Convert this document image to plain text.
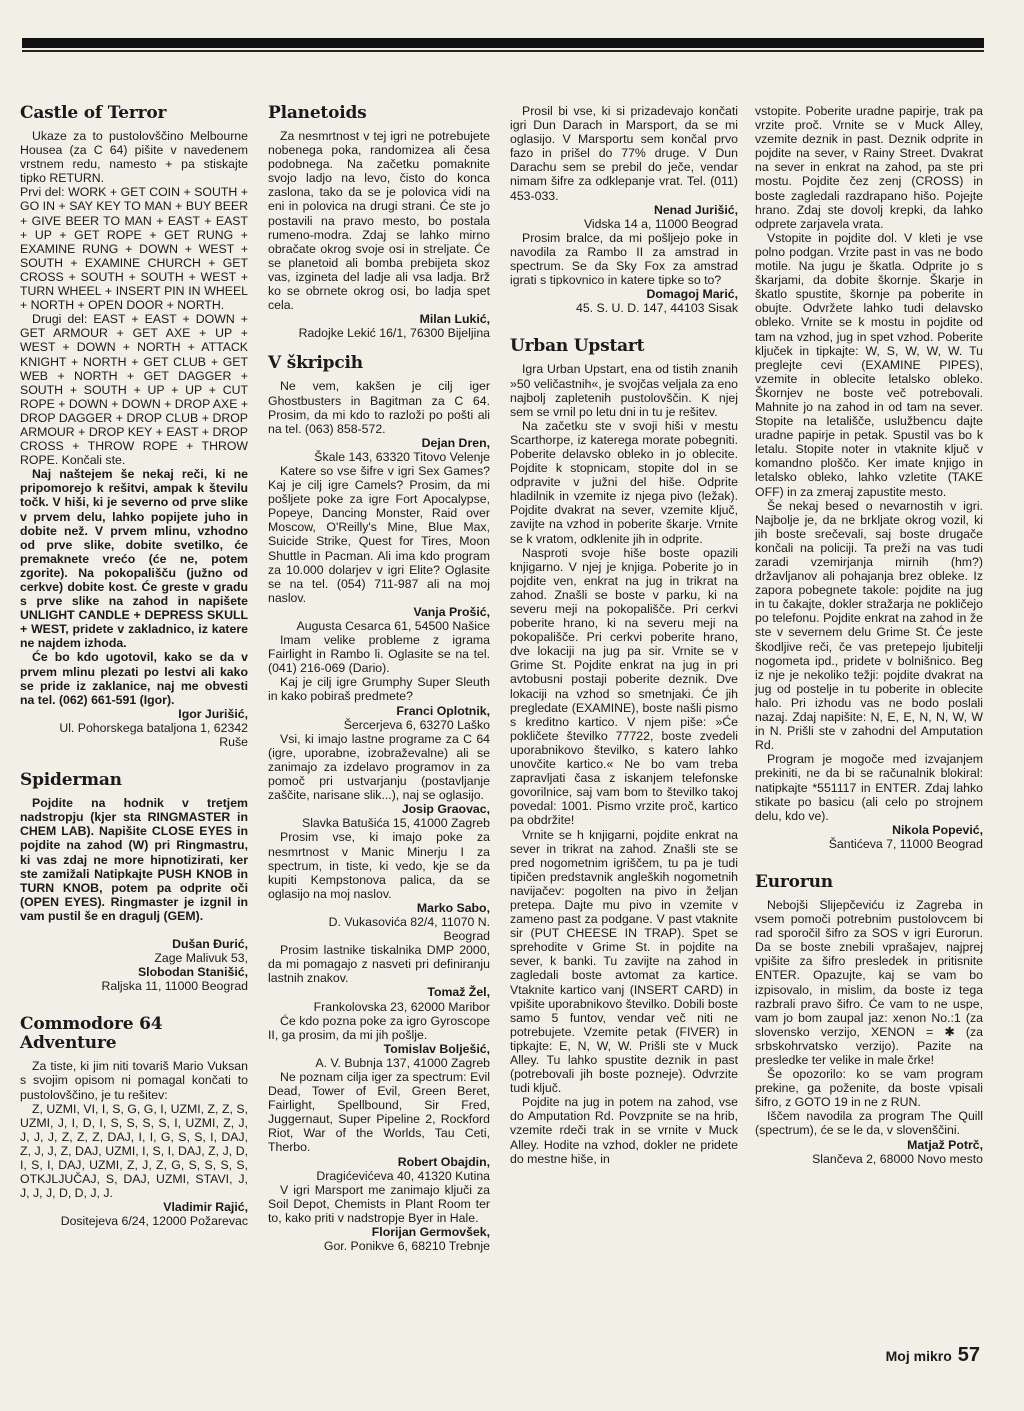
Castle of Terror

Ukaze za to pustolovščino Melbourne Housea (za C 64) pišite v navedenem vrstnem redu, namesto + pa stiskajte tipko RETURN.

Prvi del: WORK + GET COIN + SOUTH + GO IN + SAY KEY TO MAN + BUY BEER + GIVE BEER TO MAN + EAST + EAST + UP + GET ROPE + GET RUNG + EXAMINE RUNG + DOWN + WEST + SOUTH + EXAMINE CHURCH + GET CROSS + SOUTH + SOUTH + WEST + TURN WHEEL + INSERT PIN IN WHEEL + NORTH + OPEN DOOR + NORTH.

Drugi del: EAST + EAST + DOWN + GET ARMOUR + GET AXE + UP + WEST + DOWN + NORTH + ATTACK KNIGHT + NORTH + GET CLUB + GET WEB + NORTH + GET DAGGER + SOUTH + SOUTH + UP + UP + CUT ROPE + DOWN + DOWN + DROP AXE + DROP DAGGER + DROP CLUB + DROP ARMOUR + DROP KEY + EAST + DROP CROSS + THROW ROPE + THROW ROPE. Končali ste.

Naj naštejem še nekaj reči, ki ne pripomorejo k rešitvi, ampak k številu točk. V hiši, ki je severno od prve slike v prvem delu, lahko popijete juho in dobite než. V prvem mlinu, vzhodno od prve slike, dobite svetilko, će premaknete vrećo (će ne, potem zgorite). Na pokopališču (južno od cerkve) dobite kost. Će greste v gradu s prve slike na zahod in napišete UNLIGHT CANDLE + DEPRESS SKULL + WEST, pridete v zakladnico, iz katere ne najdem izhoda.

Će bo kdo ugotovil, kako se da v prvem mlinu plezati po lestvi ali kako se pride iz zaklanice, naj me obvesti na tel. (062) 661-591 (Igor).

Igor Jurišić,

Ul. Pohorskega bataljona 1, 62342 Ruše

Spiderman

Pojdite na hodnik v tretjem nadstropju (kjer sta RINGMASTER in CHEM LAB). Napišite CLOSE EYES in pojdite na zahod (W) pri Ringmastru, ki vas zdaj ne more hipnotizirati, ker ste zamižali Natipkajte PUSH KNOB in TURN KNOB, potem pa odprite oči (OPEN EYES). Ringmaster je izgnil in vam pustil še en dragulj (GEM).

Dušan Đurić,

Zage Malivuk 53,

Slobodan Stanišić,

Raljska 11, 11000 Beograd

Commodore 64
Adventure

Za tiste, ki jim niti tovariš Mario Vuksan s svojim opisom ni pomagal končati to pustolovščino, je tu rešitev:

Z, UZMI, VI, I, S, G, G, I, UZMI, Z, Z, S, UZMI, J, I, D, I, S, S, S, S, I, UZMI, Z, J, J, J, J, Z, Z, Z, DAJ, I, I, G, S, S, I, DAJ, Z, J, J, Z, DAJ, UZMI, I, S, I, DAJ, Z, J, D, I, S, I, DAJ, UZMI, Z, J, Z, G, S, S, S, S, OTKJLJUČAJ, S, DAJ, UZMI, STAVI, J, J, J, J, D, D, J, J.

Vladimir Rajić,

Dositejeva 6/24, 12000 Požarevac

Planetoids

Za nesmrtnost v tej igri ne potrebujete nobenega poka, randomizea ali česa podobnega. Na začetku pomaknite svojo ladjo na levo, čisto do konca zaslona, tako da se je polovica vidi na eni in polovica na drugi strani. Će ste jo postavili na pravo mesto, bo postala rumeno-modra. Zdaj se lahko mirno obračate okrog svoje osi in streljate. Će se planetoid ali bomba prebijeta skoz vas, izgineta del ladje ali vsa ladja. Brž ko se obrnete okrog osi, bo ladja spet cela.

Milan Lukić,

Radojke Lekić 16/1, 76300 Bijeljina

V škripcih

Ne vem, kakšen je cilj iger Ghostbusters in Bagitman za C 64. Prosim, da mi kdo to razloži po pošti ali na tel. (063) 858-572.

Dejan Dren,

Škale 143, 63320 Titovo Velenje

Katere so vse šifre v igri Sex Games? Kaj je cilj igre Camels? Prosim, da mi pošljete poke za igre Fort Apocalypse, Popeye, Dancing Monster, Raid over Moscow, O'Reilly's Mine, Blue Max, Suicide Strike, Quest for Tires, Moon Shuttle in Pacman. Ali ima kdo program za 10.000 dolarjev v igri Elite? Oglasite se na tel. (054) 711-987 ali na moj naslov.

Vanja Prošić,

Augusta Cesarca 61, 54500 Našice

Imam velike probleme z igrama Fairlight in Rambo li. Oglasite se na tel. (041) 216-069 (Dario).

Kaj je cilj igre Grumphy Super Sleuth in kako pobiraš predmete?

Franci Oplotnik,

Šercerjeva 6, 63270 Laško

Vsi, ki imajo lastne programe za C 64 (igre, uporabne, izobraževalne) ali se zanimajo za izdelavo programov in za pomoč pri ustvarjanju (postavljanje zaščite, narisane slik...), naj se oglasijo.

Josip Graovac,

Slavka Batušića 15, 41000 Zagreb

Prosim vse, ki imajo poke za nesmrtnost v Manic Minerju I za spectrum, in tiste, ki vedo, kje se da kupiti Kempstonova palica, da se oglasijo na moj naslov.

Marko Sabo,

D. Vukasovića 82/4, 11070 N. Beograd

Prosim lastnike tiskalnika DMP 2000, da mi pomagajo z nasveti pri definiranju lastnih znakov.

Tomaž Žel,

Frankolovska 23, 62000 Maribor

Će kdo pozna poke za igro Gyroscope II, ga prosim, da mi jih pošlje.

Tomislav Bolješić,

A. V. Bubnja 137, 41000 Zagreb

Ne poznam cilja iger za spectrum: Evil Dead, Tower of Evil, Green Beret, Fairlight, Spellbound, Sir Fred, Juggernaut, Super Pipeline 2, Rockford Riot, War of the Worlds, Tau Ceti, Therbo.

Robert Obajdin,

Dragićevićeva 40, 41320 Kutina

V igri Marsport me zanimajo ključi za Soil Depot, Chemists in Plant Room ter to, kako priti v nadstropje Byer in Hale.

Florijan Germovšek,

Gor. Ponikve 6, 68210 Trebnje

Prosil bi vse, ki si prizadevajo končati igri Dun Darach in Marsport, da se mi oglasijo. V Marsportu sem končal prvo fazo in prišel do 77% druge. V Dun Darachu sem se prebil do ječe, vendar nimam šifre za odklepanje vrat. Tel. (011) 453-033.

Nenad Jurišić,

Vidska 14 a, 11000 Beograd

Prosim bralce, da mi pošljejo poke in navodila za Rambo II za amstrad in spectrum. Se da Sky Fox za amstrad igrati s tipkovnico in katere tipke so to?

Domagoj Marić,

45. S. U. D. 147, 44103 Sisak

Urban Upstart

Igra Urban Upstart, ena od tistih znanih »50 veličastnih«, je svojčas veljala za eno najbolj zapletenih pustolovščin. K njej sem se vrnil po letu dni in tu je rešitev.

Na začetku ste v svoji hiši v mestu Scarthorpe, iz katerega morate pobegniti. Poberite delavsko obleko in jo oblecite. Pojdite k stopnicam, stopite dol in se odpravite v južni del hiše. Odprite hladilnik in vzemite iz njega pivo (ležak). Pojdite dvakrat na sever, vzemite ključ, zavijte na vzhod in poberite škarje. Vrnite se k vratom, odklenite jih in odprite.

Nasproti svoje hiše boste opazili knjigarno. V njej je knjiga. Poberite jo in pojdite ven, enkrat na jug in trikrat na zahod. Znašli se boste v parku, ki na severu meji na pokopališče. Pri cerkvi poberite hrano, ki na severu meji na pokopališče. Pri cerkvi poberite hrano, dve lokaciji na jug pa sir. Vrnite se v Grime St. Pojdite enkrat na jug in pri avtobusni postaji poberite deznik. Dve lokaciji na vzhod so smetnjaki. Će jih pregledate (EXAMINE), boste našli pismo s kreditno kartico. V njem piše: »Će pokličete številko 77722, boste zvedeli uporabnikovo številko, s katero lahko unovčite kartico.« Ne bo vam treba zapravljati časa z iskanjem telefonske govorilnice, saj vam bom to številko takoj povedal: 1001. Pismo vrzite proč, kartico pa obdržite!

Vrnite se h knjigarni, pojdite enkrat na sever in trikrat na zahod. Znašli ste se pred nogometnim igriščem, tu pa je tudi tipičen predstavnik angleških nogometnih navijačev: pogolten na pivo in željan pretepa. Dajte mu pivo in vzemite v zameno past za podgane. V past vtaknite sir (PUT CHEESE IN TRAP). Spet se sprehodite v Grime St. in pojdite na sever, k banki. Tu zavijte na zahod in zagledali boste avtomat za kartice. Vtaknite kartico vanj (INSERT CARD) in vpišite uporabnikovo številko. Dobili boste samo 5 funtov, vendar več niti ne potrebujete. Vzemite petak (FIVER) in tipkajte: E, N, W, W. Prišli ste v Muck Alley. Tu lahko spustite deznik in past (potrebovali jih boste pozneje). Odvrzite tudi ključ.

Pojdite na jug in potem na zahod, vse do Amputation Rd. Povzpnite se na hrib, vzemite rdeči trak in se vrnite v Muck Alley. Hodite na vzhod, dokler ne pridete do mestne hiše, in

vstopite. Poberite uradne papirje, trak pa vrzite proč. Vrnite se v Muck Alley, vzemite deznik in past. Deznik odprite in pojdite na sever, v Rainy Street. Dvakrat na sever in enkrat na zahod, pa ste pri mostu. Pojdite čez zenj (CROSS) in boste zagledali razdrapano hišo. Pojejte hrano. Zdaj ste dovolj krepki, da lahko odprete zarjavela vrata.

Vstopite in pojdite dol. V kleti je vse polno podgan. Vrzite past in vas ne bodo motile. Na jugu je škatla. Odprite jo s škarjami, da dobite škornje. Škarje in škatlo spustite, škornje pa poberite in obujte. Odvržete lahko tudi delavsko obleko. Vrnite se k mostu in pojdite od tam na vzhod, jug in spet vzhod. Poberite ključek in tipkajte: W, S, W, W, W. Tu preglejte cevi (EXAMINE PIPES), vzemite in oblecite letalsko obleko. Škornjev ne boste več potrebovali. Mahnite jo na zahod in od tam na sever. Stopite na letališče, uslužbencu dajte uradne papirje in petak. Spustil vas bo k letalu. Stopite noter in vtaknite ključ v komandno ploščo. Ker imate knjigo in letalsko obleko, lahko vzletite (TAKE OFF) in za zmeraj zapustite mesto.

Še nekaj besed o nevarnostih v igri. Najbolje je, da ne brkljate okrog vozil, ki jih boste srečevali, saj boste drugače končali na policiji. Ta preži na vas tudi zaradi vzemirjanja mirnih (hm?) državljanov ali pohajanja brez obleke. Iz zapora pobegnete takole: pojdite na jug in tu čakajte, dokler stražarja ne pokličejo po telefonu. Pojdite enkrat na zahod in že ste v severnem delu Grime St. Će jeste škodljive reči, če vas pretepejo ljubitelji nogometa ipd., pridete v bolnišnico. Beg iz nje je nekoliko težji: pojdite dvakrat na jug od postelje in tu poberite in oblecite halo. Pri izhodu vas ne bodo poslali nazaj. Zdaj napišite: N, E, E, N, N, W, W in N. Prišli ste v zahodni del Amputation Rd.

Program je mogoče med izvajanjem prekiniti, ne da bi se računalnik blokiral: natipkajte *551117 in ENTER. Zdaj lahko stikate po basicu (ali celo po strojnem delu, kdo ve).

Nikola Popević,

Šantićeva 7, 11000 Beograd

Eurorun

Nebojši Slijepčeviću iz Zagreba in vsem pomoči potrebnim pustolovcem bi rad sporočil šifro za SOS v igri Eurorun. Da se boste znebili vprašajev, najprej vpišite za šifro presledek in pritisnite ENTER. Opazujte, kaj se vam bo izpisovalo, in mislim, da boste iz tega razbrali pravo šifro. Će vam to ne uspe, vam jo bom zaupal jaz: xenon No.:1 (za slovensko verzijo, XENON = ✱ (za srbskohrvatsko verzijo). Pazite na presledke ter velike in male črke!

Še opozorilo: ko se vam program prekine, ga poženite, da boste vpisali šifro, z GOTO 19 in ne z RUN.

Iščem navodila za program The Quill (spectrum), će se le da, v slovenščini.

Matjaž Potrč,

Slančeva 2, 68000 Novo mesto

Moj mikro 57
